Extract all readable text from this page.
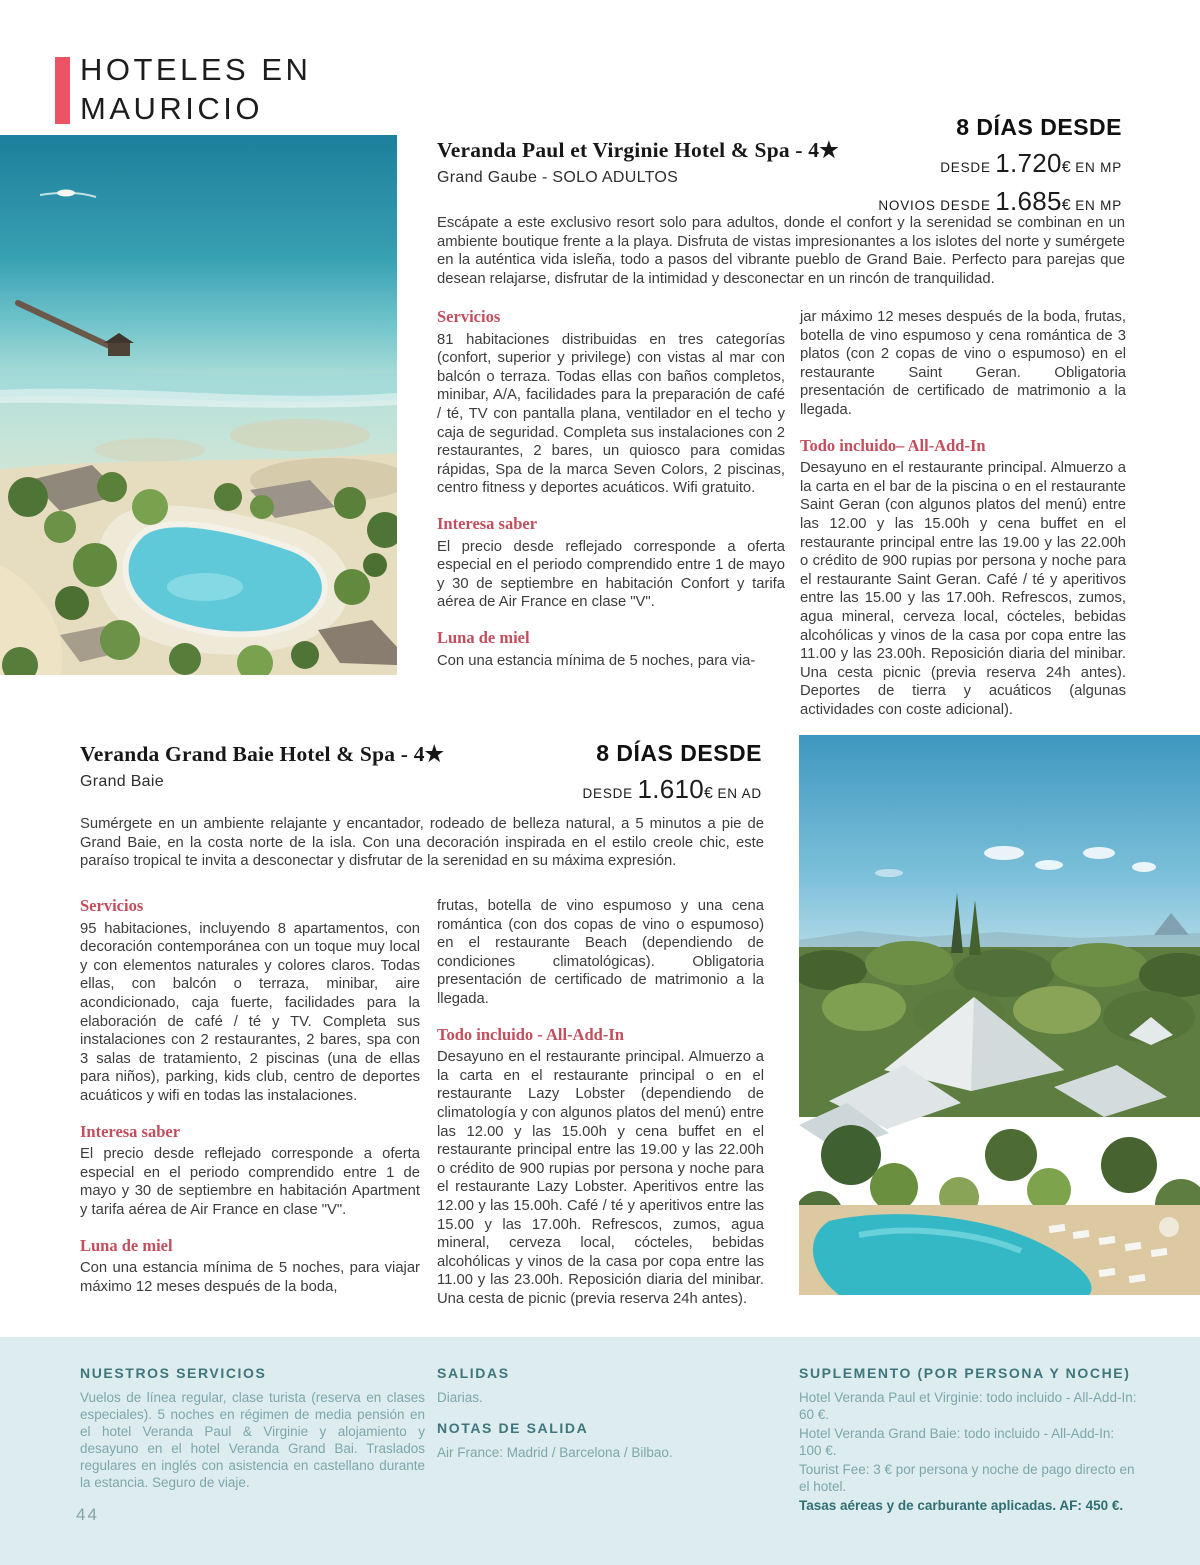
HOTELES EN
MAURICIO
Veranda Paul et Virginie Hotel & Spa - 4★
Grand Gaube - SOLO ADULTOS
8 DÍAS DESDE
DESDE 1.720€ EN MP
NOVIOS DESDE 1.685€ EN MP
Escápate a este exclusivo resort solo para adultos, donde el confort y la serenidad se combinan en un ambiente boutique frente a la playa. Disfruta de vistas impresionantes a los islotes del norte y sumérgete en la auténtica vida isleña, todo a pasos del vibrante pueblo de Grand Baie. Perfecto para parejas que desean relajarse, disfrutar de la intimidad y desconectar en un rincón de tranquilidad.
Servicios
81 habitaciones distribuidas en tres categorías (confort, superior y privilege) con vistas al mar con balcón o terraza. Todas ellas con baños completos, minibar, A/A, facilidades para la preparación de café / té, TV con pantalla plana, ventilador en el techo y caja de seguridad. Completa sus instalaciones con 2 restaurantes, 2 bares, un quiosco para comidas rápidas, Spa de la marca Seven Colors, 2 piscinas, centro fitness y deportes acuáticos. Wifi gratuito.
Interesa saber
El precio desde reflejado corresponde a oferta especial en el periodo comprendido entre 1 de mayo y 30 de septiembre en habitación Confort y tarifa aérea de Air France en clase "V".
Luna de miel
Con una estancia mínima de 5 noches, para via-
jar máximo 12 meses después de la boda, frutas, botella de vino espumoso y cena romántica de 3 platos (con 2 copas de vino o espumoso) en el restaurante Saint Geran. Obligatoria presentación de certificado de matrimonio a la llegada.
Todo incluido– All-Add-In
Desayuno en el restaurante principal. Almuerzo a la carta en el bar de la piscina o en el restaurante Saint Geran (con algunos platos del menú) entre las 12.00 y las 15.00h y cena buffet en el restaurante principal entre las 19.00 y las 22.00h o crédito de 900 rupias por persona y noche para el restaurante Saint Geran. Café / té y aperitivos entre las 15.00 y las 17.00h. Refrescos, zumos, agua mineral, cerveza local, cócteles, bebidas alcohólicas y vinos de la casa por copa entre las 11.00 y las 23.00h. Reposición diaria del minibar. Una cesta picnic (previa reserva 24h antes). Deportes de tierra y acuáticos (algunas actividades con coste adicional).
Veranda Grand Baie Hotel & Spa - 4★
Grand Baie
8 DÍAS DESDE
DESDE 1.610€ EN AD
Sumérgete en un ambiente relajante y encantador, rodeado de belleza natural, a 5 minutos a pie de Grand Baie, en la costa norte de la isla. Con una decoración inspirada en el estilo creole chic, este paraíso tropical te invita a desconectar y disfrutar de la serenidad en su máxima expresión.
Servicios
95 habitaciones, incluyendo 8 apartamentos, con decoración contemporánea con un toque muy local y con elementos naturales y colores claros. Todas ellas, con balcón o terraza, minibar, aire acondicionado, caja fuerte, facilidades para la elaboración de café / té y TV. Completa sus instalaciones con 2 restaurantes, 2 bares, spa con 3 salas de tratamiento, 2 piscinas (una de ellas para niños), parking, kids club, centro de deportes acuáticos y wifi en todas las instalaciones.
Interesa saber
El precio desde reflejado corresponde a oferta especial en el periodo comprendido entre 1 de mayo y 30 de septiembre en habitación Apartment y tarifa aérea de Air France en clase "V".
Luna de miel
Con una estancia mínima de 5 noches, para viajar máximo 12 meses después de la boda,
frutas, botella de vino espumoso y una cena romántica (con dos copas de vino o espumoso) en el restaurante Beach (dependiendo de condiciones climatológicas). Obligatoria presentación de certificado de matrimonio a la llegada.
Todo incluido - All-Add-In
Desayuno en el restaurante principal. Almuerzo a la carta en el restaurante principal o en el restaurante Lazy Lobster (dependiendo de climatología y con algunos platos del menú) entre las 12.00 y las 15.00h y cena buffet en el restaurante principal entre las 19.00 y las 22.00h o crédito de 900 rupias por persona y noche para el restaurante Lazy Lobster. Aperitivos entre las 12.00 y las 15.00h. Café / té y aperitivos entre las 15.00 y las 17.00h. Refrescos, zumos, agua mineral, cerveza local, cócteles, bebidas alcohólicas y vinos de la casa por copa entre las 11.00 y las 23.00h. Reposición diaria del minibar. Una cesta de picnic (previa reserva 24h antes).
NUESTROS SERVICIOS
Vuelos de línea regular, clase turista (reserva en clases especiales). 5 noches en régimen de media pensión en el hotel Veranda Paul & Virginie y alojamiento y desayuno en el hotel Veranda Grand Bai. Traslados regulares en inglés con asistencia en castellano durante la estancia. Seguro de viaje.
SALIDAS
Diarias.
NOTAS DE SALIDA
Air France: Madrid / Barcelona / Bilbao.
SUPLEMENTO (POR PERSONA Y NOCHE)
Hotel Veranda Paul et Virginie: todo incluido - All-Add-In: 60 €.
Hotel Veranda Grand Baie: todo incluido - All-Add-In: 100 €.
Tourist Fee: 3 € por persona y noche de pago directo en el hotel.
Tasas aéreas y de carburante aplicadas. AF: 450 €.
44
